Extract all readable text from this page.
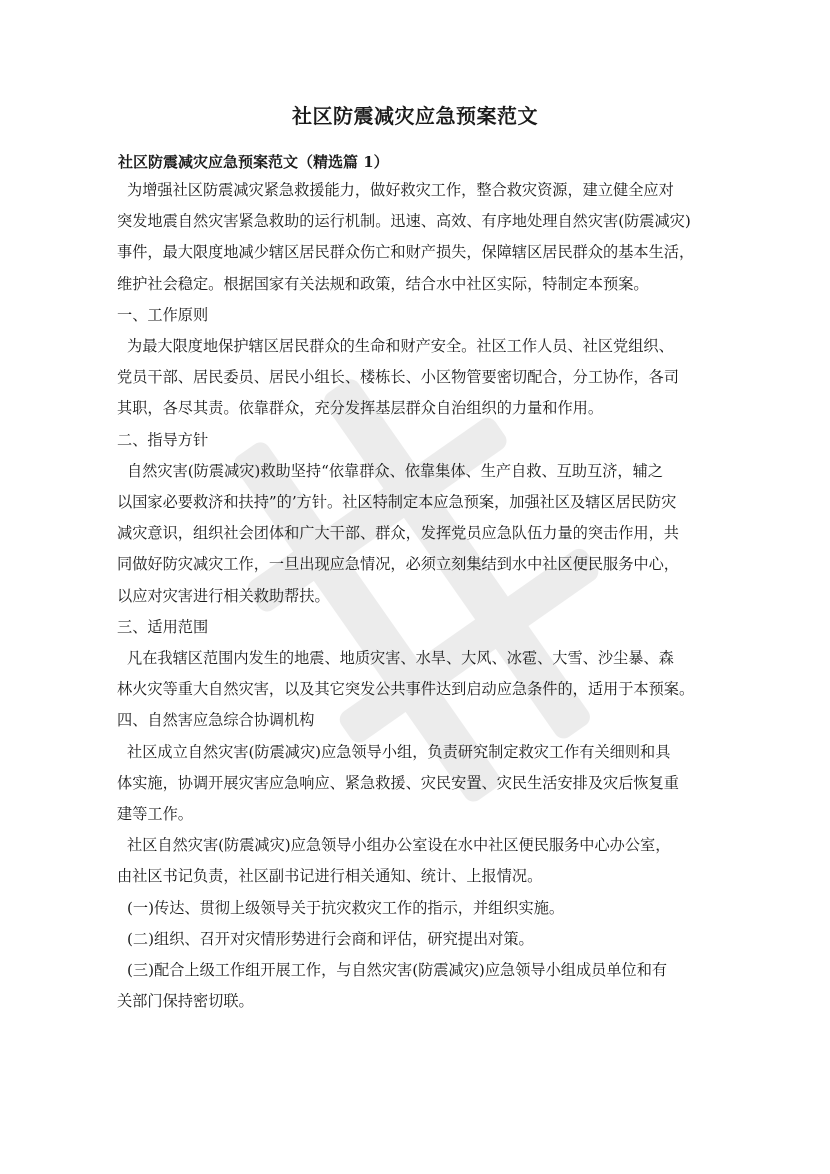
社区防震减灾应急预案范文

社区防震减灾应急预案范文（精选篇 1）

为增强社区防震减灾紧急救援能力，做好救灾工作，整合救灾资源，建立健全应对
突发地震自然灾害紧急救助的运行机制。迅速、高效、有序地处理自然灾害(防震减灾)
事件，最大限度地减少辖区居民群众伤亡和财产损失，保障辖区居民群众的基本生活，
维护社会稳定。根据国家有关法规和政策，结合水中社区实际，特制定本预案。
一、工作原则
为最大限度地保护辖区居民群众的生命和财产安全。社区工作人员、社区党组织、
党员干部、居民委员、居民小组长、楼栋长、小区物管要密切配合，分工协作，各司
其职，各尽其责。依靠群众，充分发挥基层群众自治组织的力量和作用。
二、指导方针
自然灾害(防震减灾)救助坚持“依靠群众、依靠集体、生产自救、互助互济，辅之
以国家必要救济和扶持”的’方针。社区特制定本应急预案，加强社区及辖区居民防灾
减灾意识，组织社会团体和广大干部、群众，发挥党员应急队伍力量的突击作用，共
同做好防灾减灾工作，一旦出现应急情况，必须立刻集结到水中社区便民服务中心，
以应对灾害进行相关救助帮扶。
三、适用范围
凡在我辖区范围内发生的地震、地质灾害、水旱、大风、冰雹、大雪、沙尘暴、森
林火灾等重大自然灾害，以及其它突发公共事件达到启动应急条件的，适用于本预案。
四、自然害应急综合协调机构
社区成立自然灾害(防震减灾)应急领导小组，负责研究制定救灾工作有关细则和具
体实施，协调开展灾害应急响应、紧急救援、灾民安置、灾民生活安排及灾后恢复重
建等工作。
社区自然灾害(防震减灾)应急领导小组办公室设在水中社区便民服务中心办公室，
由社区书记负责，社区副书记进行相关通知、统计、上报情况。
(一)传达、贯彻上级领导关于抗灾救灾工作的指示，并组织实施。
(二)组织、召开对灾情形势进行会商和评估，研究提出对策。
(三)配合上级工作组开展工作，与自然灾害(防震减灾)应急领导小组成员单位和有
关部门保持密切联。
